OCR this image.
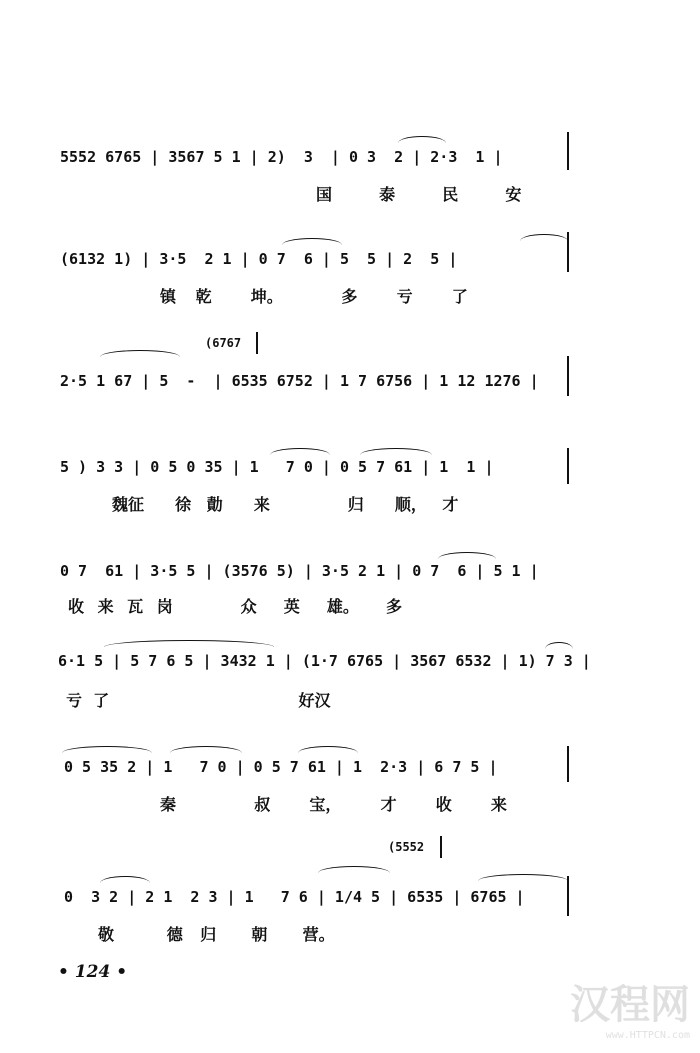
5552 6765 | 3567 5 1 | 2)  3  | 0 3  2 | 2·3  1 |
国  泰  民  安
(6132 1) | 3·5  2 1 | 0 7  6 | 5  5 | 2  5 |
镇 乾  坤。   多  亏  了
(6767
2·5 1 67 | 5  -  | 6535 6752 | 1 7 6756 | 1 12 1276 |
5 ) 3 3 | 0 5 0 35 | 1   7 0 | 0 5 7 61 | 1  1 |
魏征  徐 勣  来     归  顺， 才
0 7  61 | 3·5 5 | (3576 5) | 3·5 2 1 | 0 7  6 | 5 1 |
收 来 瓦 岗     众  英  雄。  多
6·1 5 | 5 7 6 5 | 3432 1 | (1·7 6765 | 3567 6532 | 1) 7 3 |
亏  了                                  好汉
0 5 35 2 | 1   7 0 | 0 5 7 61 | 1  2·3 | 6 7 5 |
秦    叔  宝，  才  收  来
(5552
0  3 2 | 2 1  2 3 | 1   7 6 | 1/4 5 | 6535 | 6765 |
敬   德 归  朝  营。
• 124 •
汉程网
www.HTTPCN.com
